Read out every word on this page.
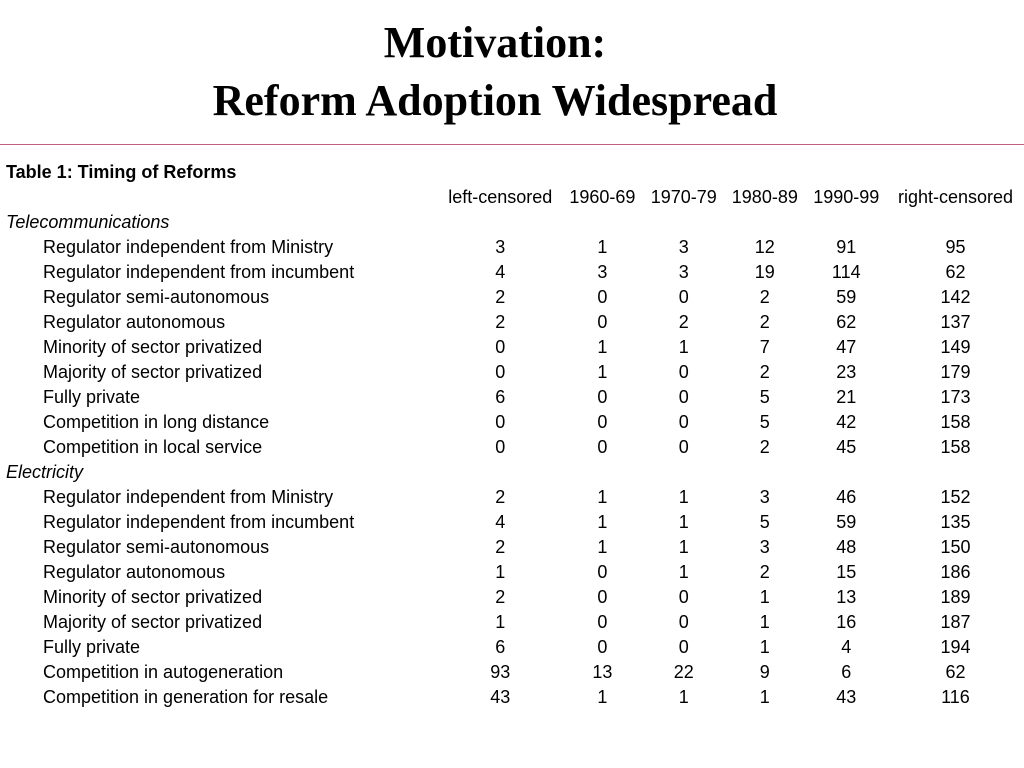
Motivation:
Reform Adoption Widespread
Table 1: Timing of Reforms
	left-censored	1960-69	1970-79	1980-89	1990-99	right-censored
Telecommunications						
Regulator independent from Ministry	3	1	3	12	91	95
Regulator independent from incumbent	4	3	3	19	114	62
Regulator semi-autonomous	2	0	0	2	59	142
Regulator autonomous	2	0	2	2	62	137
Minority of sector privatized	0	1	1	7	47	149
Majority of sector privatized	0	1	0	2	23	179
Fully private	6	0	0	5	21	173
Competition in long distance	0	0	0	5	42	158
Competition in local service	0	0	0	2	45	158
Electricity						
Regulator independent from Ministry	2	1	1	3	46	152
Regulator independent from incumbent	4	1	1	5	59	135
Regulator semi-autonomous	2	1	1	3	48	150
Regulator autonomous	1	0	1	2	15	186
Minority of sector privatized	2	0	0	1	13	189
Majority of sector privatized	1	0	0	1	16	187
Fully private	6	0	0	1	4	194
Competition in autogeneration	93	13	22	9	6	62
Competition in generation for resale	43	1	1	1	43	116
